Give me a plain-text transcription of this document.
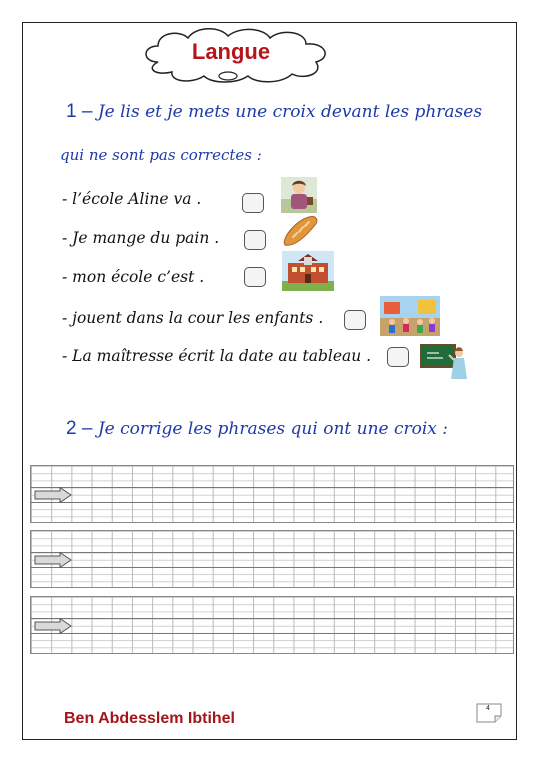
Langue
1 – Je lis et je mets une croix devant les phrases
qui ne sont pas correctes :
- l’école Aline va .
- Je mange du pain .
- mon école c’est .
- jouent dans la cour les enfants .
- La maîtresse écrit la date au tableau .
2 – Je corrige les phrases qui ont une croix :
Ben Abdesslem Ibtihel
4
